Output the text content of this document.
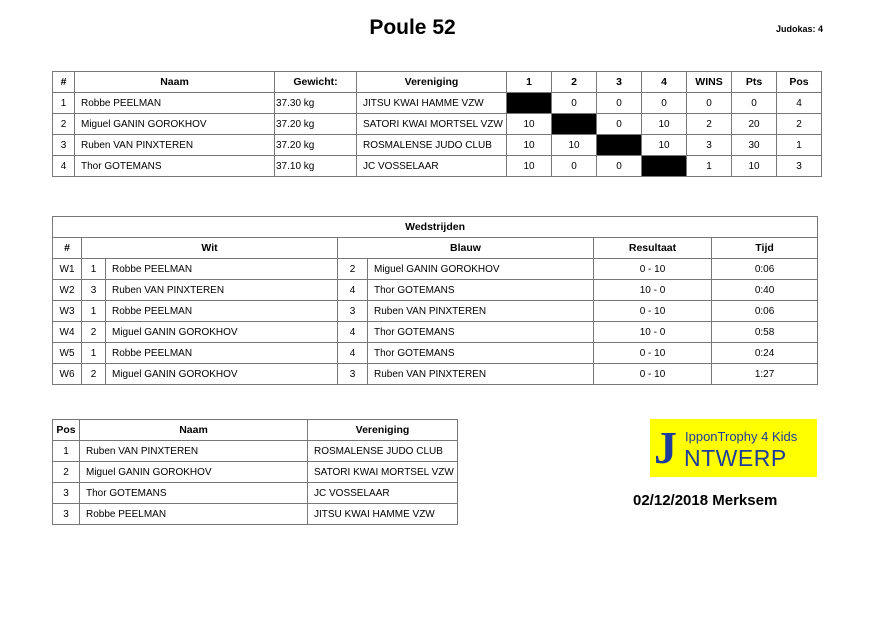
Poule 52	Judokas: 4
#	Naam	Gewicht:	Vereniging	1	2	3	4	WINS	Pts	Pos
1	Robbe PEELMAN	37.30 kg	JITSU KWAI HAMME VZW		0	0	0	0	0	4
2	Miguel GANIN GOROKHOV	37.20 kg	SATORI KWAI MORTSEL VZW	10		0	10	2	20	2
3	Ruben VAN PINXTEREN	37.20 kg	ROSMALENSE JUDO CLUB	10	10		10	3	30	1
4	Thor GOTEMANS	37.10 kg	JC VOSSELAAR	10	0	0		1	10	3
Wedstrijden						
#	Wit		Blauw		Resultaat	Tijd
W1	1	Robbe PEELMAN	2	Miguel GANIN GOROKHOV	0 - 10	0:06
W2	3	Ruben VAN PINXTEREN	4	Thor GOTEMANS	10 - 0	0:40
W3	1	Robbe PEELMAN	3	Ruben VAN PINXTEREN	0 - 10	0:06
W4	2	Miguel GANIN GOROKHOV	4	Thor GOTEMANS	10 - 0	0:58
W5	1	Robbe PEELMAN	4	Thor GOTEMANS	0 - 10	0:24
W6	2	Miguel GANIN GOROKHOV	3	Ruben VAN PINXTEREN	0 - 10	1:27
Pos	Naam	Vereniging
1	Ruben VAN PINXTEREN	ROSMALENSE JUDO CLUB
2	Miguel GANIN GOROKHOV	SATORI KWAI MORTSEL VZW
3	Thor GOTEMANS	JC VOSSELAAR
3	Robbe PEELMAN	JITSU KWAI HAMME VZW
J IpponTrophy 4 Kids
NTWERP
02/12/2018 Merksem
